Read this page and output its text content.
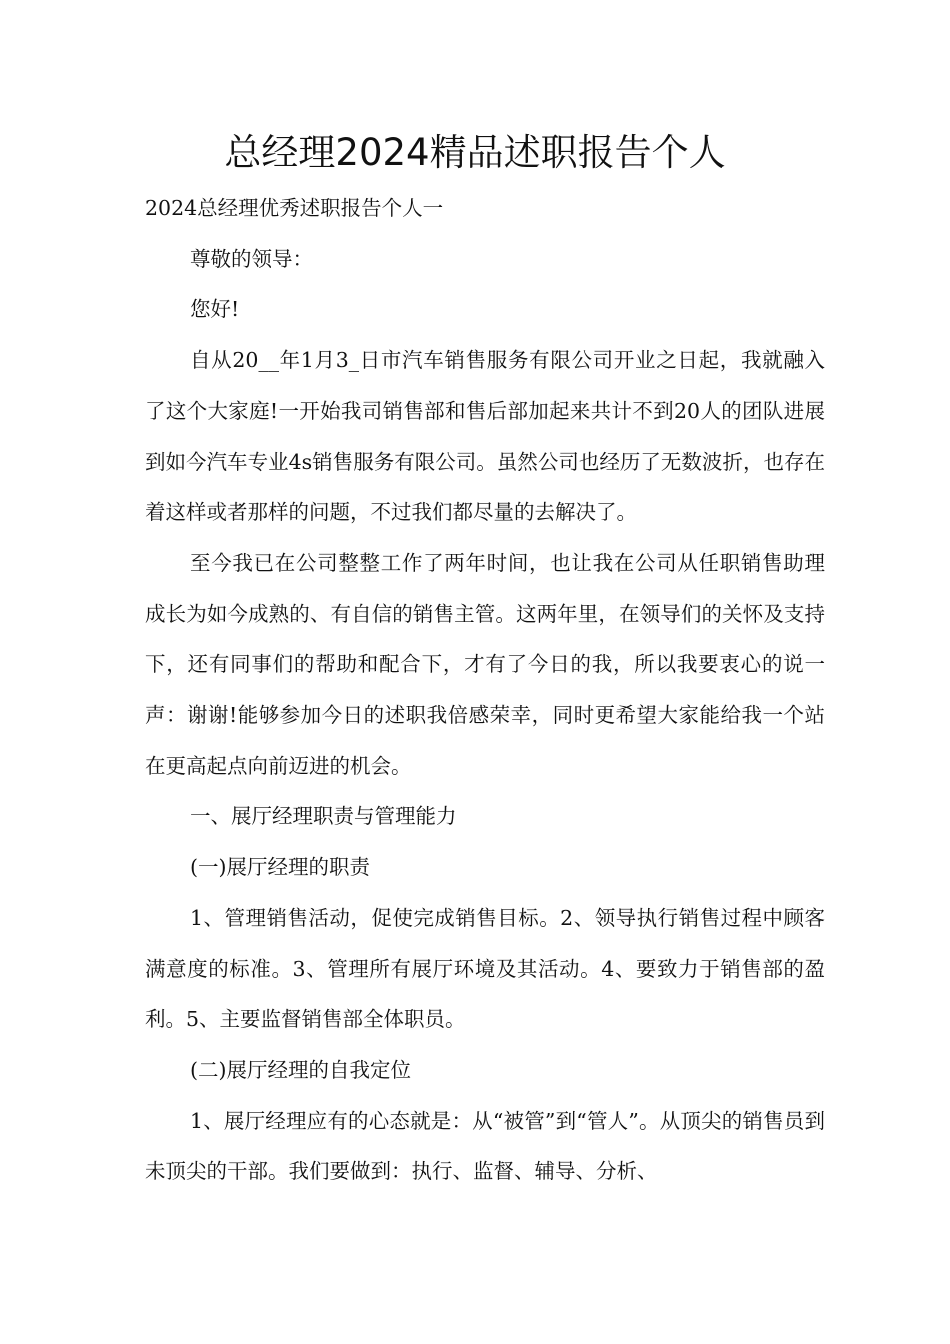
总经理2024精品述职报告个人

2024总经理优秀述职报告个人一

尊敬的领导：

您好!

自从20__年1月3_日市汽车销售服务有限公司开业之日起，我就融入了这个大家庭!一开始我司销售部和售后部加起来共计不到20人的团队进展到如今汽车专业4s销售服务有限公司。虽然公司也经历了无数波折，也存在着这样或者那样的问题，不过我们都尽量的去解决了。

至今我已在公司整整工作了两年时间，也让我在公司从任职销售助理成长为如今成熟的、有自信的销售主管。这两年里，在领导们的关怀及支持下，还有同事们的帮助和配合下，才有了今日的我，所以我要衷心的说一声：谢谢!能够参加今日的述职我倍感荣幸，同时更希望大家能给我一个站在更高起点向前迈进的机会。

一、展厅经理职责与管理能力

(一)展厅经理的职责

1、管理销售活动，促使完成销售目标。2、领导执行销售过程中顾客满意度的标准。3、管理所有展厅环境及其活动。4、要致力于销售部的盈利。5、主要监督销售部全体职员。

(二)展厅经理的自我定位

1、展厅经理应有的心态就是：从“被管”到“管人”。从顶尖的销售员到未顶尖的干部。我们要做到：执行、监督、辅导、分析、
